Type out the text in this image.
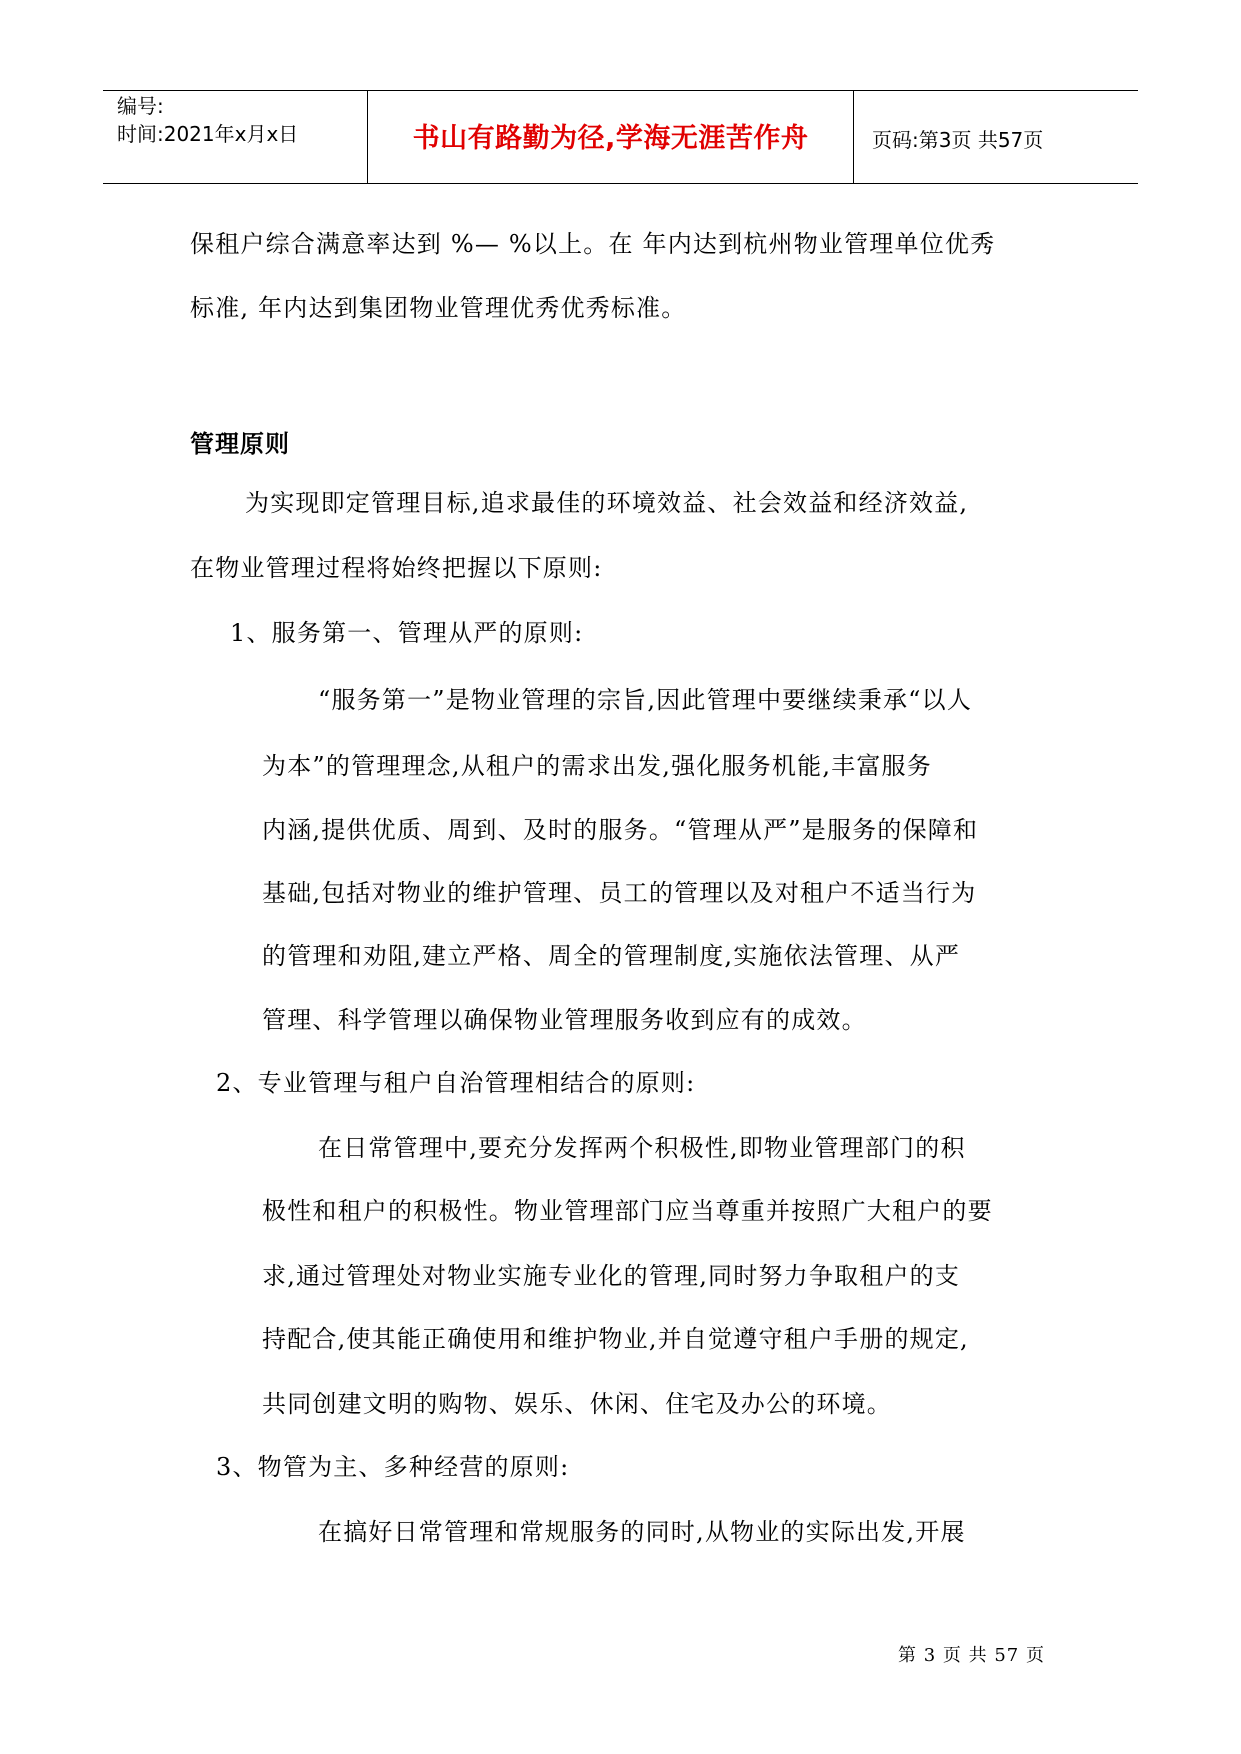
编号:
时间:2021年x月x日	书山有路勤为径,学海无涯苦作舟	页码:第3页 共57页
保租户综合满意率达到 %— %以上。在 年内达到杭州物业管理单位优秀
标准, 年内达到集团物业管理优秀优秀标准。
管理原则
为实现即定管理目标,追求最佳的环境效益、社会效益和经济效益,
在物业管理过程将始终把握以下原则:
1、服务第一、管理从严的原则:
“服务第一”是物业管理的宗旨,因此管理中要继续秉承“以人
为本”的管理理念,从租户的需求出发,强化服务机能,丰富服务
内涵,提供优质、周到、及时的服务。“管理从严”是服务的保障和
基础,包括对物业的维护管理、员工的管理以及对租户不适当行为
的管理和劝阻,建立严格、周全的管理制度,实施依法管理、从严
管理、科学管理以确保物业管理服务收到应有的成效。
2、专业管理与租户自治管理相结合的原则:
在日常管理中,要充分发挥两个积极性,即物业管理部门的积
极性和租户的积极性。物业管理部门应当尊重并按照广大租户的要
求,通过管理处对物业实施专业化的管理,同时努力争取租户的支
持配合,使其能正确使用和维护物业,并自觉遵守租户手册的规定,
共同创建文明的购物、娱乐、休闲、住宅及办公的环境。
3、物管为主、多种经营的原则:
在搞好日常管理和常规服务的同时,从物业的实际出发,开展
第 3 页 共 57 页
